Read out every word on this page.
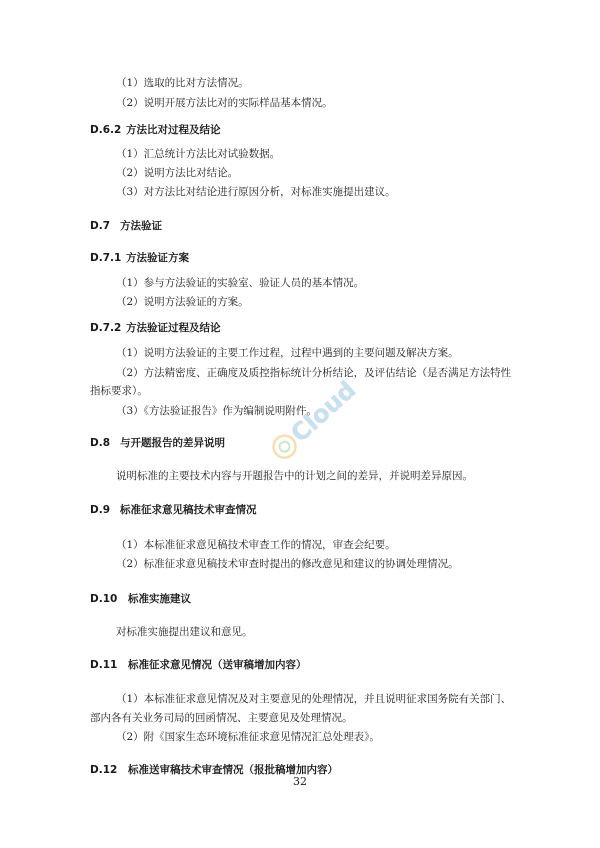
（1）选取的比对方法情况。
（2）说明开展方法比对的实际样品基本情况。
D.6.2 方法比对过程及结论
（1）汇总统计方法比对试验数据。
（2）说明方法比对结论。
（3）对方法比对结论进行原因分析，对标准实施提出建议。
D.7 方法验证
D.7.1 方法验证方案
（1）参与方法验证的实验室、验证人员的基本情况。
（2）说明方法验证的方案。
D.7.2 方法验证过程及结论
（1）说明方法验证的主要工作过程，过程中遇到的主要问题及解决方案。
（2）方法精密度、正确度及质控指标统计分析结论，及评估结论（是否满足方法特性
指标要求）。
（3）《方法验证报告》作为编制说明附件。
D.8 与开题报告的差异说明
说明标准的主要技术内容与开题报告中的计划之间的差异，并说明差异原因。
D.9 标准征求意见稿技术审查情况
（1）本标准征求意见稿技术审查工作的情况，审查会纪要。
（2）标准征求意见稿技术审查时提出的修改意见和建议的协调处理情况。
D.10 标准实施建议
对标准实施提出建议和意见。
D.11 标准征求意见情况（送审稿增加内容）
（1）本标准征求意见情况及对主要意见的处理情况，并且说明征求国务院有关部门、
部内各有关业务司局的回函情况、主要意见及处理情况。
（2）附《国家生态环境标准征求意见情况汇总处理表》。
D.12 标准送审稿技术审查情况（报批稿增加内容）
32
Cloud
